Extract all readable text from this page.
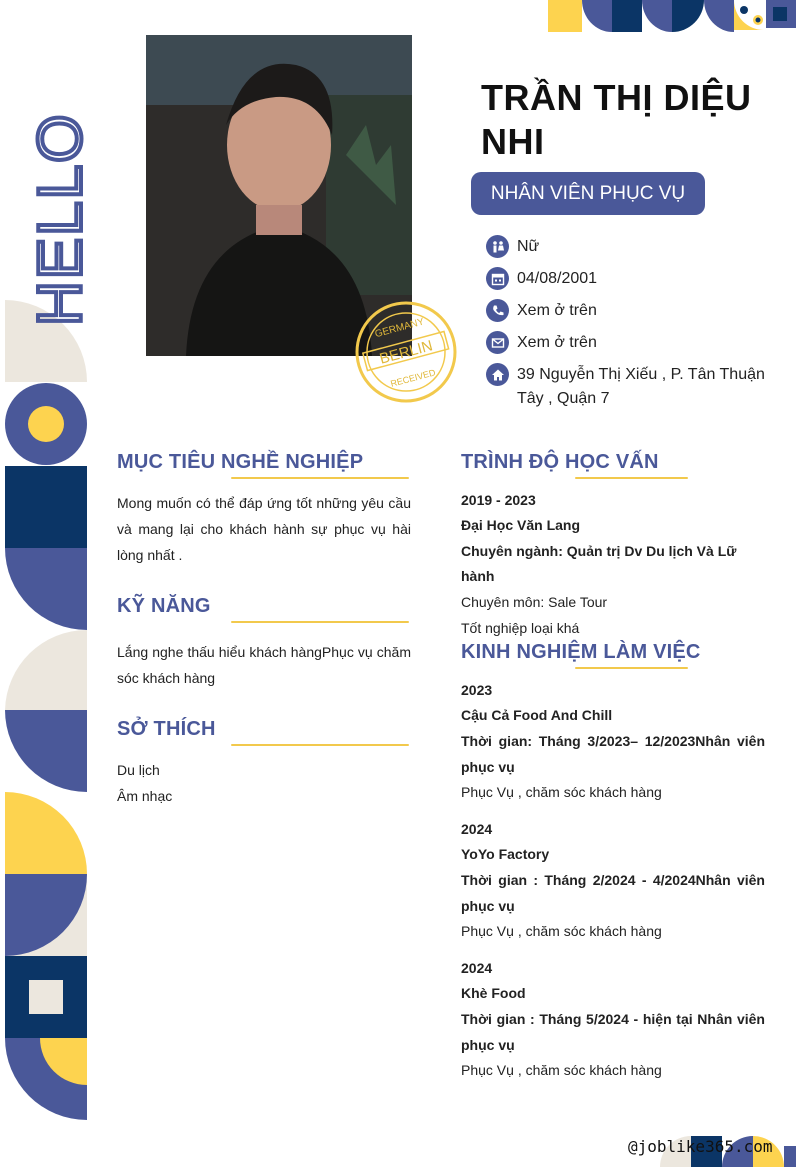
HELLO
GERMANY
BERLIN
RECEIVED
TRẦN THỊ DIỆU NHI
NHÂN VIÊN PHỤC VỤ
Nữ
04/08/2001
Xem ở trên
Xem ở trên
39 Nguyễn Thị Xiếu , P. Tân Thuận Tây , Quận 7
MỤC TIÊU NGHỀ NGHIỆP
Mong muốn có thể đáp ứng tốt những yêu cầu và mang lại cho khách hành sự phục vụ hài lòng nhất .
KỸ NĂNG
Lắng nghe thấu hiểu khách hàngPhục vụ chăm sóc khách hàng
SỞ THÍCH
Du lịch
Âm nhạc
TRÌNH ĐỘ HỌC VẤN
2019 - 2023
Đại Học Văn Lang
Chuyên ngành: Quản trị Dv Du lịch Và Lữ hành
Chuyên môn: Sale Tour
Tốt nghiệp loại khá
KINH NGHIỆM LÀM VIỆC
2023
Cậu Cả Food And Chill
Thời gian: Tháng 3/2023– 12/2023Nhân viên phục vụ
Phục Vụ , chăm sóc khách hàng
2024
YoYo Factory
Thời gian : Tháng 2/2024 - 4/2024Nhân viên phục vụ
Phục Vụ , chăm sóc khách hàng
2024
Khè Food
Thời gian : Tháng 5/2024 - hiện tại Nhân viên phục vụ
Phục Vụ , chăm sóc khách hàng
@joblike365.com
